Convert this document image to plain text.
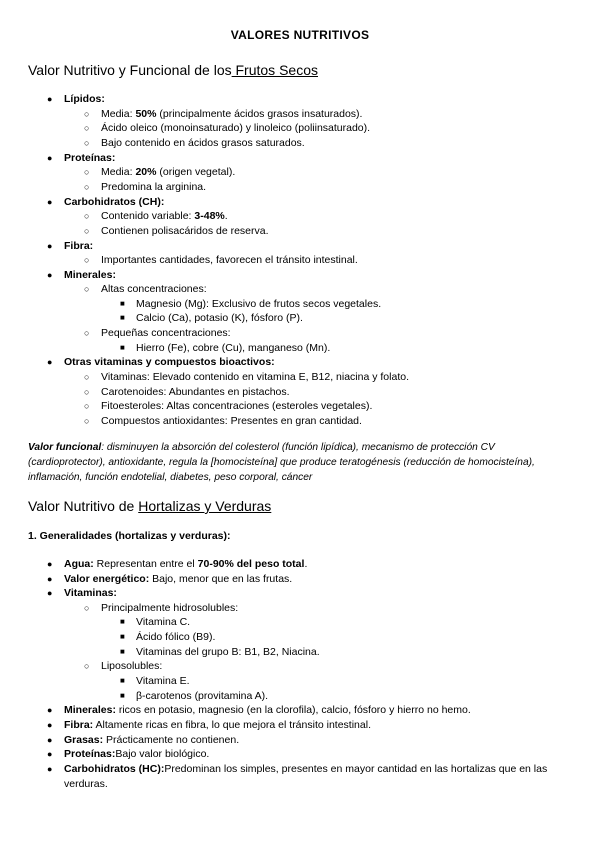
VALORES NUTRITIVOS
Valor Nutritivo y Funcional de los Frutos Secos
● Lípidos:
○ Media: 50% (principalmente ácidos grasos insaturados).
○ Ácido oleico (monoinsaturado) y linoleico (poliinsaturado).
○ Bajo contenido en ácidos grasos saturados.
● Proteínas:
○ Media: 20% (origen vegetal).
○ Predomina la arginina.
● Carbohidratos (CH):
○ Contenido variable: 3-48%.
○ Contienen polisacáridos de reserva.
● Fibra:
○ Importantes cantidades, favorecen el tránsito intestinal.
● Minerales:
○ Altas concentraciones:
■ Magnesio (Mg): Exclusivo de frutos secos vegetales.
■ Calcio (Ca), potasio (K), fósforo (P).
○ Pequeñas concentraciones:
■ Hierro (Fe), cobre (Cu), manganeso (Mn).
● Otras vitaminas y compuestos bioactivos:
○ Vitaminas: Elevado contenido en vitamina E, B12, niacina y folato.
○ Carotenoides: Abundantes en pistachos.
○ Fitoesteroles: Altas concentraciones (esteroles vegetales).
○ Compuestos antioxidantes: Presentes en gran cantidad.
Valor funcional: disminuyen la absorción del colesterol (función lipídica), mecanismo de protección CV (cardioprotector), antioxidante, regula la [homocisteína] que produce teratogénesis (reducción de homocisteína), inflamación, función endotelial, diabetes, peso corporal, cáncer
Valor Nutritivo de Hortalizas y Verduras
1. Generalidades (hortalizas y verduras):
● Agua: Representan entre el 70-90% del peso total.
● Valor energético: Bajo, menor que en las frutas.
● Vitaminas:
○ Principalmente hidrosolubles:
■ Vitamina C.
■ Ácido fólico (B9).
■ Vitaminas del grupo B: B1, B2, Niacina.
○ Liposolubles:
■ Vitamina E.
■ β-carotenos (provitamina A).
● Minerales: ricos en potasio, magnesio (en la clorofila), calcio, fósforo y hierro no hemo.
● Fibra: Altamente ricas en fibra, lo que mejora el tránsito intestinal.
● Grasas: Prácticamente no contienen.
● Proteínas:Bajo valor biológico.
● Carbohidratos (HC):Predominan los simples, presentes en mayor cantidad en las hortalizas que en las verduras.
